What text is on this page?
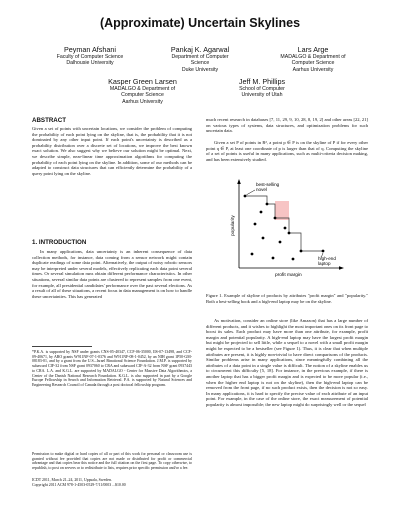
(Approximate) Uncertain Skylines
Peyman Afshani
Faculty of Computer Science
Dalhousie University
Pankaj K. Agarwal
Department of Computer
Science
Duke University
Lars Arge
MADALGO & Department of
Computer Science
Aarhus University
Kasper Green Larsen
MADALGO & Department of
Computer Science
Aarhus University
Jeff M. Phillips
School of Computer
University of Utah
ABSTRACT

Given a set of points with uncertain locations, we consider the problem of computing the probability of each point lying on the skyline, that is, the probability that it is not dominated by any other input point. If each point's uncertainty is described as a probability distribution over a discrete set of locations, we improve the best known exact solution. We also suggest why we believe our solution might be optimal. Next, we describe simple, near-linear time approximation algorithms for computing the probability of each point lying on the skyline. In addition, some of our methods can be adapted to construct data structures that can efficiently determine the probability of a query point lying on the skyline.

1. INTRODUCTION

In many applications, data uncertainty is an inherent consequence of data collection methods, for instance, data coming from a sensor network might contain duplicate readings of some data point. Alternatively, the output of noisy robotic sensors may be interpreted under several models, effectively replicating each data point several times. Or several simulation runs obtain different performance characteristics. In other situations, several similar data points are clustered to represent samples from one event, for example, all presidential candidates' performance over the past several elections. As a result of all of these situations, a recent focus in data management is on how to handle these uncertainties. This has generated

*P.K.A. is supported by NSF under grants CNS-05-40347, CCF-06-35000, IIS-07-13498, and CCF-09-40671, by ARO grants W911NF-07-1-0376 and W911NF-08-1-0452, by an NIH grant 1P50-GM-08183-01, and by a grant from the U.S.–Israel Binational Science Foundation. J.M.P. is supported by subaward CIF-32 from NSF grant 0937060 to CRA and subaward CIF-A-32 from NSF grant 0937443 to CRA. L.A. and K.G.L. are supported by MADALGO - Center for Massive Data Algorithmics, a Center of the Danish National Research Foundation. K.G.L. is also supported in part by a Google Europe Fellowship in Search and Information Retrieval. P.A. is supported by Natural Sciences and Engineering Research Council of Canada through a post doctoral fellowship program.

Permission to make digital or hard copies of all or part of this work for personal or classroom use is granted without fee provided that copies are not made or distributed for profit or commercial advantage and that copies bear this notice and the full citation on the first page. To copy otherwise, to republish, to post on servers or to redistribute to lists, requires prior specific permission and/or a fee.

ICDT 2011, March 21–24, 2011, Uppsala, Sweden.

Copyright 2011 ACM 978-1-4503-0529-7/11/0003 ...$10.00

much recent research in databases [7, 11, 29, 9, 10, 28, 8, 19, 2] and other areas [22, 21] on various types of systems, data structures, and optimization problems for such uncertain data.

Given a set P of points in R², a point p ∈ P is on the skyline of P if for every other point q ∈ P, at least one coordinate of p is larger than that of q. Computing the skyline of a set of points is useful in many applications, such as multi-criteria decision making, and has been extensively studied.

best-selling
novel
high-end
laptop
profit margin
popularity

Figure 1. Example of skyline of products by attributes "profit margin" and "popularity." Both a best-selling book and a high-end laptop may be on the skyline.

As motivation, consider an online store (like Amazon) that has a large number of different products, and it wishes to highlight the most important ones on its front page to boost its sales. Each product may have more than one attribute, for example, profit margin and potential popularity. A high-end laptop may have the largest profit margin but might be projected to sell little, while a sequel to a novel with a small profit margin might be expected to be a bestseller (see Figure 1). Thus, it is clear that when multiple attributes are present, it is highly non-trivial to have direct comparisons of the products. Similar problems arise in many applications, since meaningfully combining all the attributes of a data point in a single value is difficult. The notion of a skyline enables us to circumvent this difficulty [5, 18]. For instance, in the previous example, if there is another laptop that has a bigger profit margin and is expected to be more popular (i.e., when the higher end laptop is not on the skyline), then the high-end laptop can be removed from the front page, if no such product exists, then the decision is not so easy. In many applications, it is hard to specify the precise value of each attribute of an input point. For example, in the case of the online store, the exact measurement of potential popularity is almost impossible; the new laptop might do surprisingly well or the sequel
